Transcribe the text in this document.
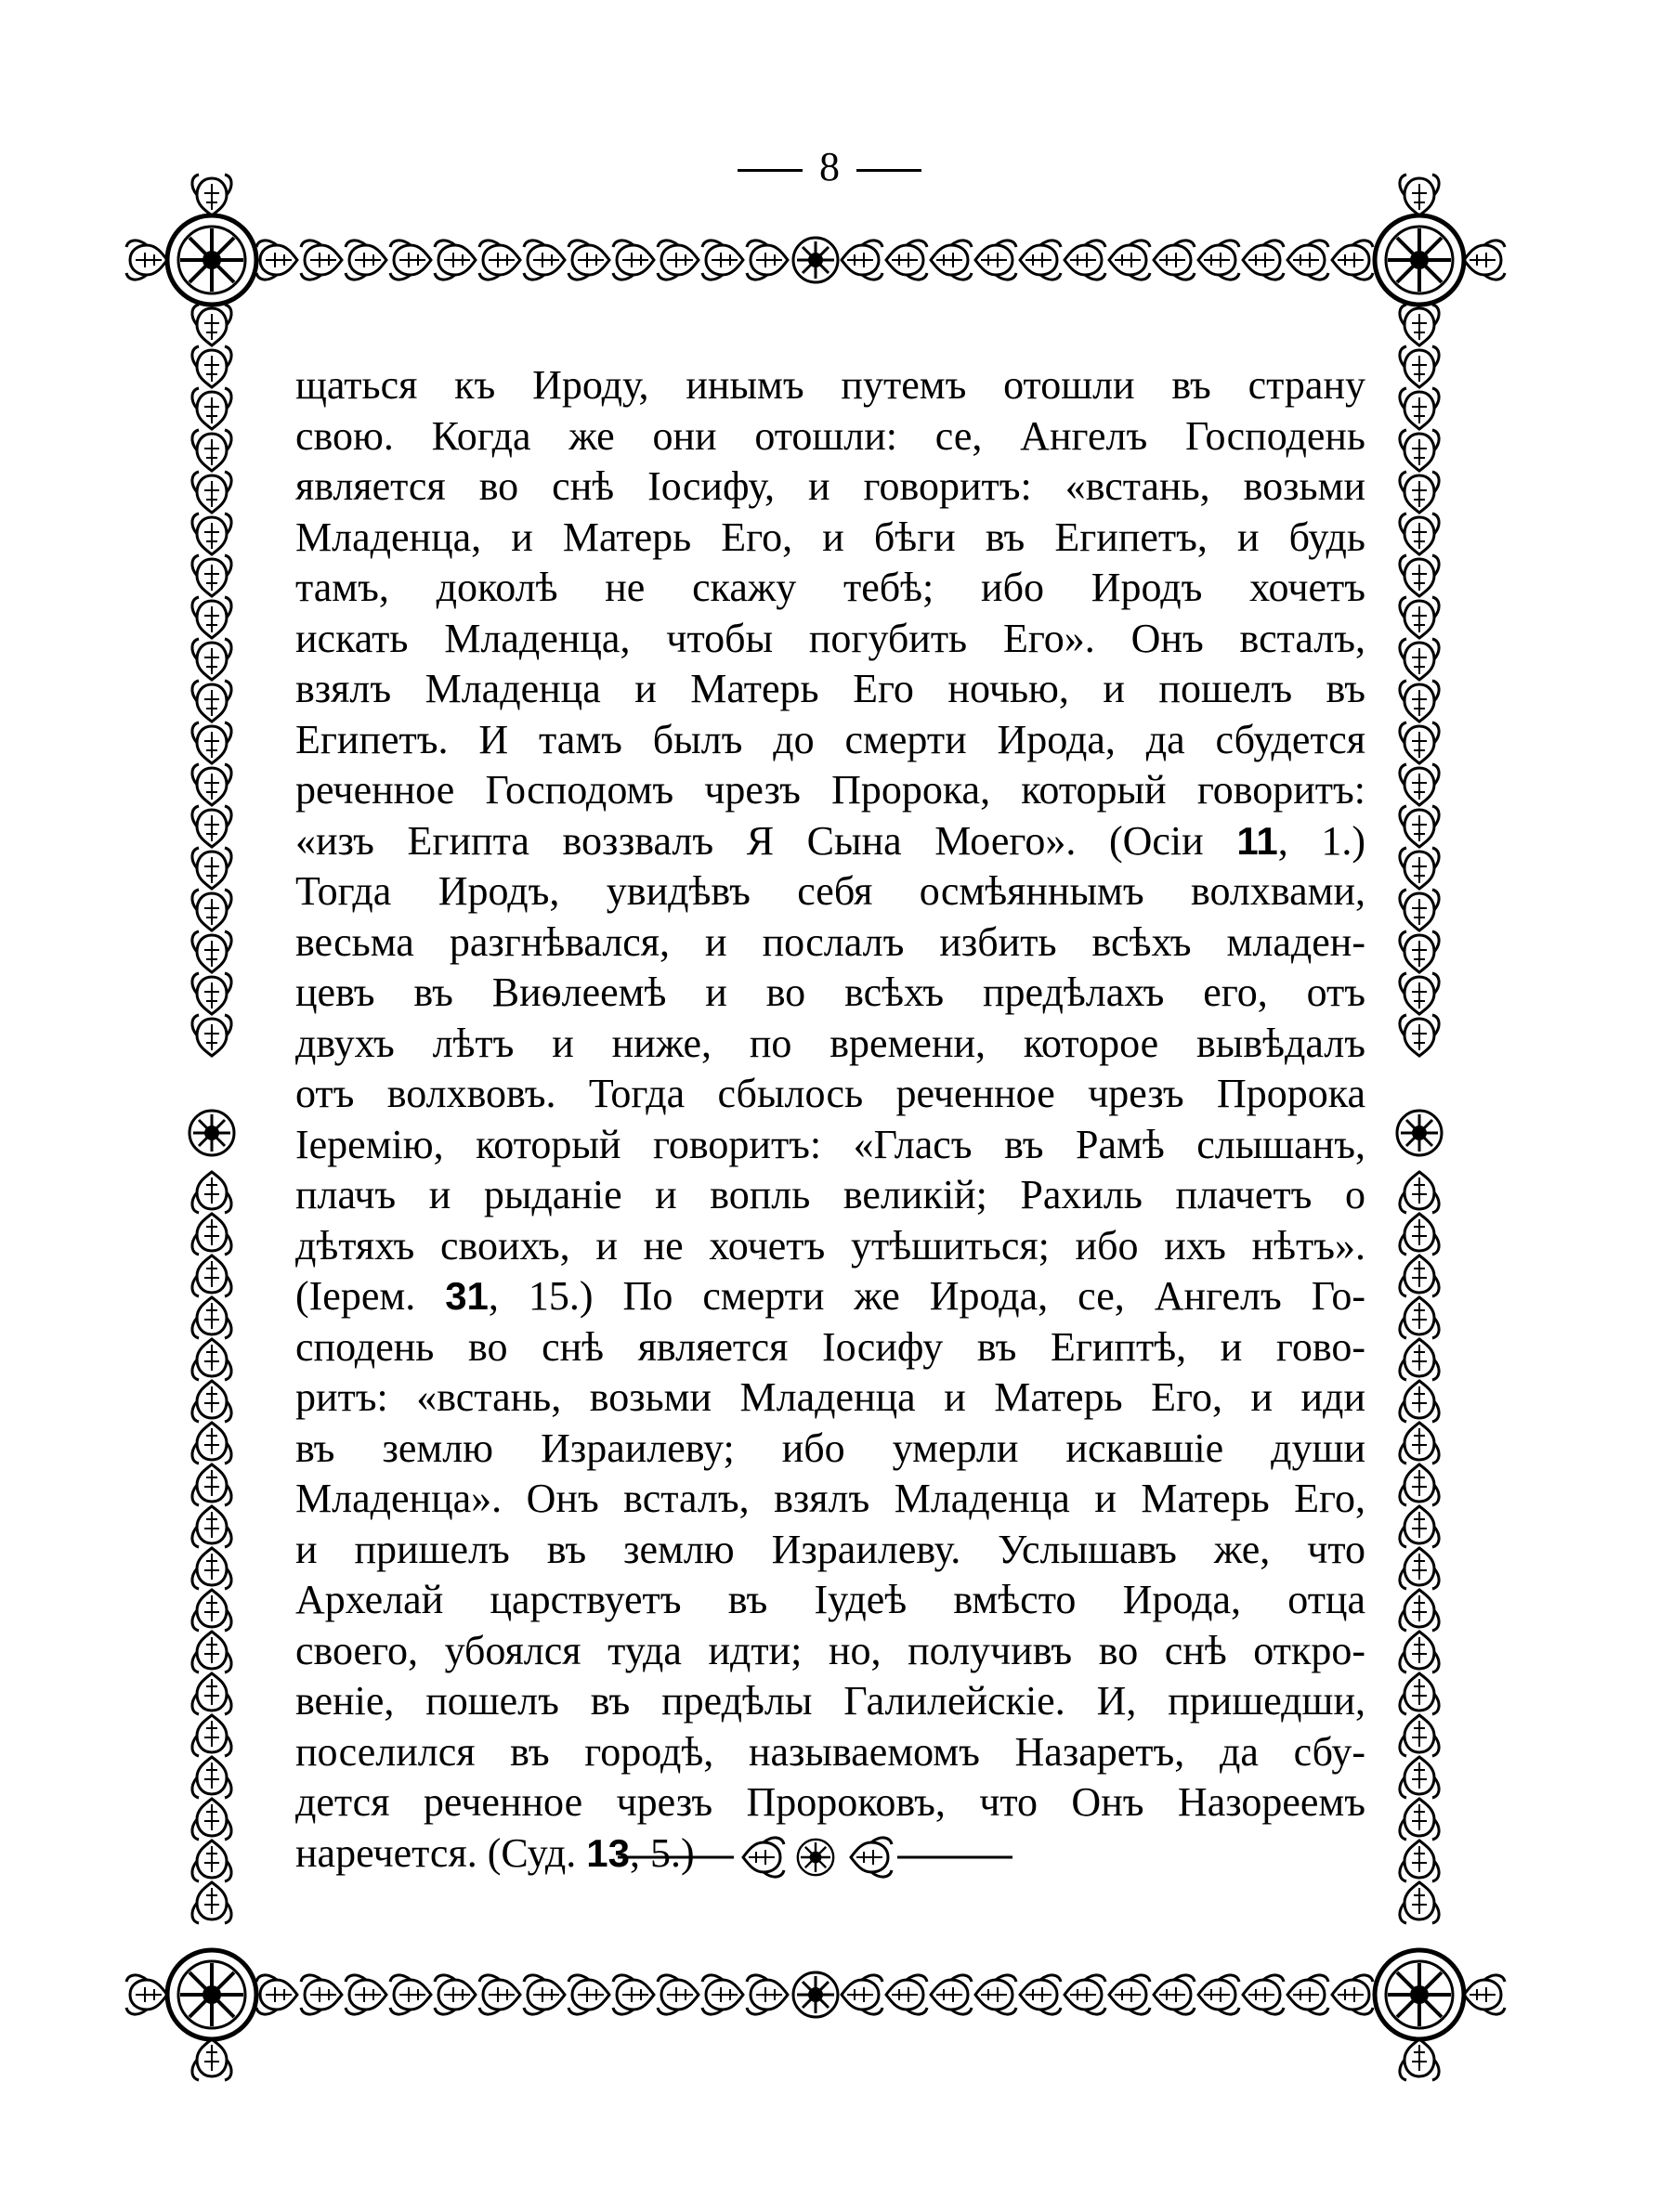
8
щаться къ Ироду, инымъ путемъ отошли въ страну
свою. Когда же они отошли: се, Ангелъ Господень
является во снѣ Іосифу, и говоритъ: «встань, возьми
Младенца, и Матерь Его, и бѣги въ Египетъ, и будь
тамъ, доколѣ не скажу тебѣ; ибо Иродъ хочетъ
искать Младенца, чтобы погубить Его». Онъ всталъ,
взялъ Младенца и Матерь Его ночью, и пошелъ въ
Египетъ. И тамъ былъ до смерти Ирода, да сбудется
реченное Господомъ чрезъ Пророка, который говоритъ:
«изъ Египта воззвалъ Я Сына Моего». (Осіи 11, 1.)
Тогда Иродъ, увидѣвъ себя осмѣяннымъ волхвами,
весьма разгнѣвался, и послалъ избить всѣхъ младен-
цевъ въ Виѳлеемѣ и во всѣхъ предѣлахъ его, отъ
двухъ лѣтъ и ниже, по времени, которое вывѣдалъ
отъ волхвовъ. Тогда сбылось реченное чрезъ Пророка
Іеремію, который говоритъ: «Гласъ въ Рамѣ слышанъ,
плачъ и рыданіе и вопль великій; Рахиль плачетъ о
дѣтяхъ своихъ, и не хочетъ утѣшиться; ибо ихъ нѣтъ».
(Іерем. 31, 15.) По смерти же Ирода, се, Ангелъ Го-
сподень во снѣ является Іосифу въ Египтѣ, и гово-
ритъ: «встань, возьми Младенца и Матерь Его, и иди
въ землю Израилеву; ибо умерли искавшіе души
Младенца». Онъ всталъ, взялъ Младенца и Матерь Его,
и пришелъ въ землю Израилеву. Услышавъ же, что
Архелай царствуетъ въ Іудеѣ вмѣсто Ирода, отца
своего, убоялся туда идти; но, получивъ во снѣ откро-
веніе, пошелъ въ предѣлы Галилейскіе. И, пришедши,
поселился въ городѣ, называемомъ Назаретъ, да сбу-
дется реченное чрезъ Пророковъ, что Онъ Назореемъ
наречется. (Суд. 13, 5.)
